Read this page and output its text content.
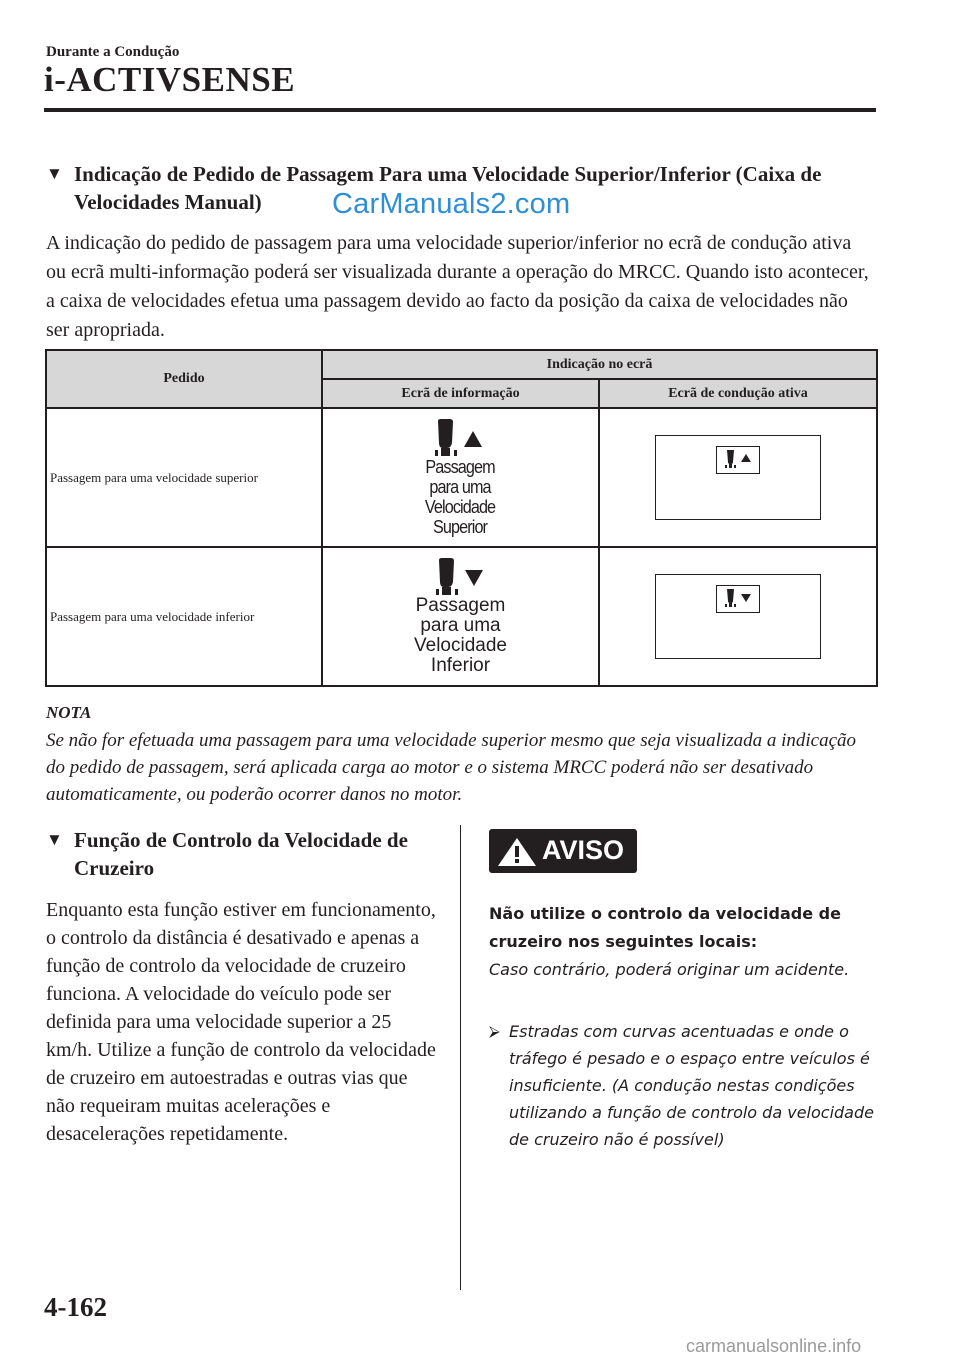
Durante a Condução
i-ACTIVSENSE
▼ Indicação de Pedido de Passagem Para uma Velocidade Superior/Inferior (Caixa de Velocidades Manual)	CarManuals2.com
A indicação do pedido de passagem para uma velocidade superior/inferior no ecrã de condução ativa ou ecrã multi-informação poderá ser visualizada durante a operação do MRCC. Quando isto acontecer, a caixa de velocidades efetua uma passagem devido ao facto da posição da caixa de velocidades não ser apropriada.
Pedido	Indicação no ecrã	
	Ecrã de informação	Ecrã de condução ativa
Passagem para uma velocidade superior	Passagem
para uma
Velocidade
Superior

Passagem para uma velocidade inferior	Passagem
para uma
Velocidade
Inferior

NOTA
Se não for efetuada uma passagem para uma velocidade superior mesmo que seja visualizada a indicação do pedido de passagem, será aplicada carga ao motor e o sistema MRCC poderá não ser desativado automaticamente, ou poderão ocorrer danos no motor.
▼ Função de Controlo da Velocidade de Cruzeiro
Enquanto esta função estiver em funcionamento, o controlo da distância é desativado e apenas a função de controlo da velocidade de cruzeiro funciona. A velocidade do veículo pode ser definida para uma velocidade superior a 25 km/h. Utilize a função de controlo da velocidade de cruzeiro em autoestradas e outras vias que não requeiram muitas acelerações e desacelerações repetidamente.
AVISO
Não utilize o controlo da velocidade de cruzeiro nos seguintes locais:
Caso contrário, poderá originar um acidente.
⮚ Estradas com curvas acentuadas e onde o tráfego é pesado e o espaço entre veículos é insuficiente. (A condução nestas condições utilizando a função de controlo da velocidade de cruzeiro não é possível)
4-162
carmanualsonline.info
